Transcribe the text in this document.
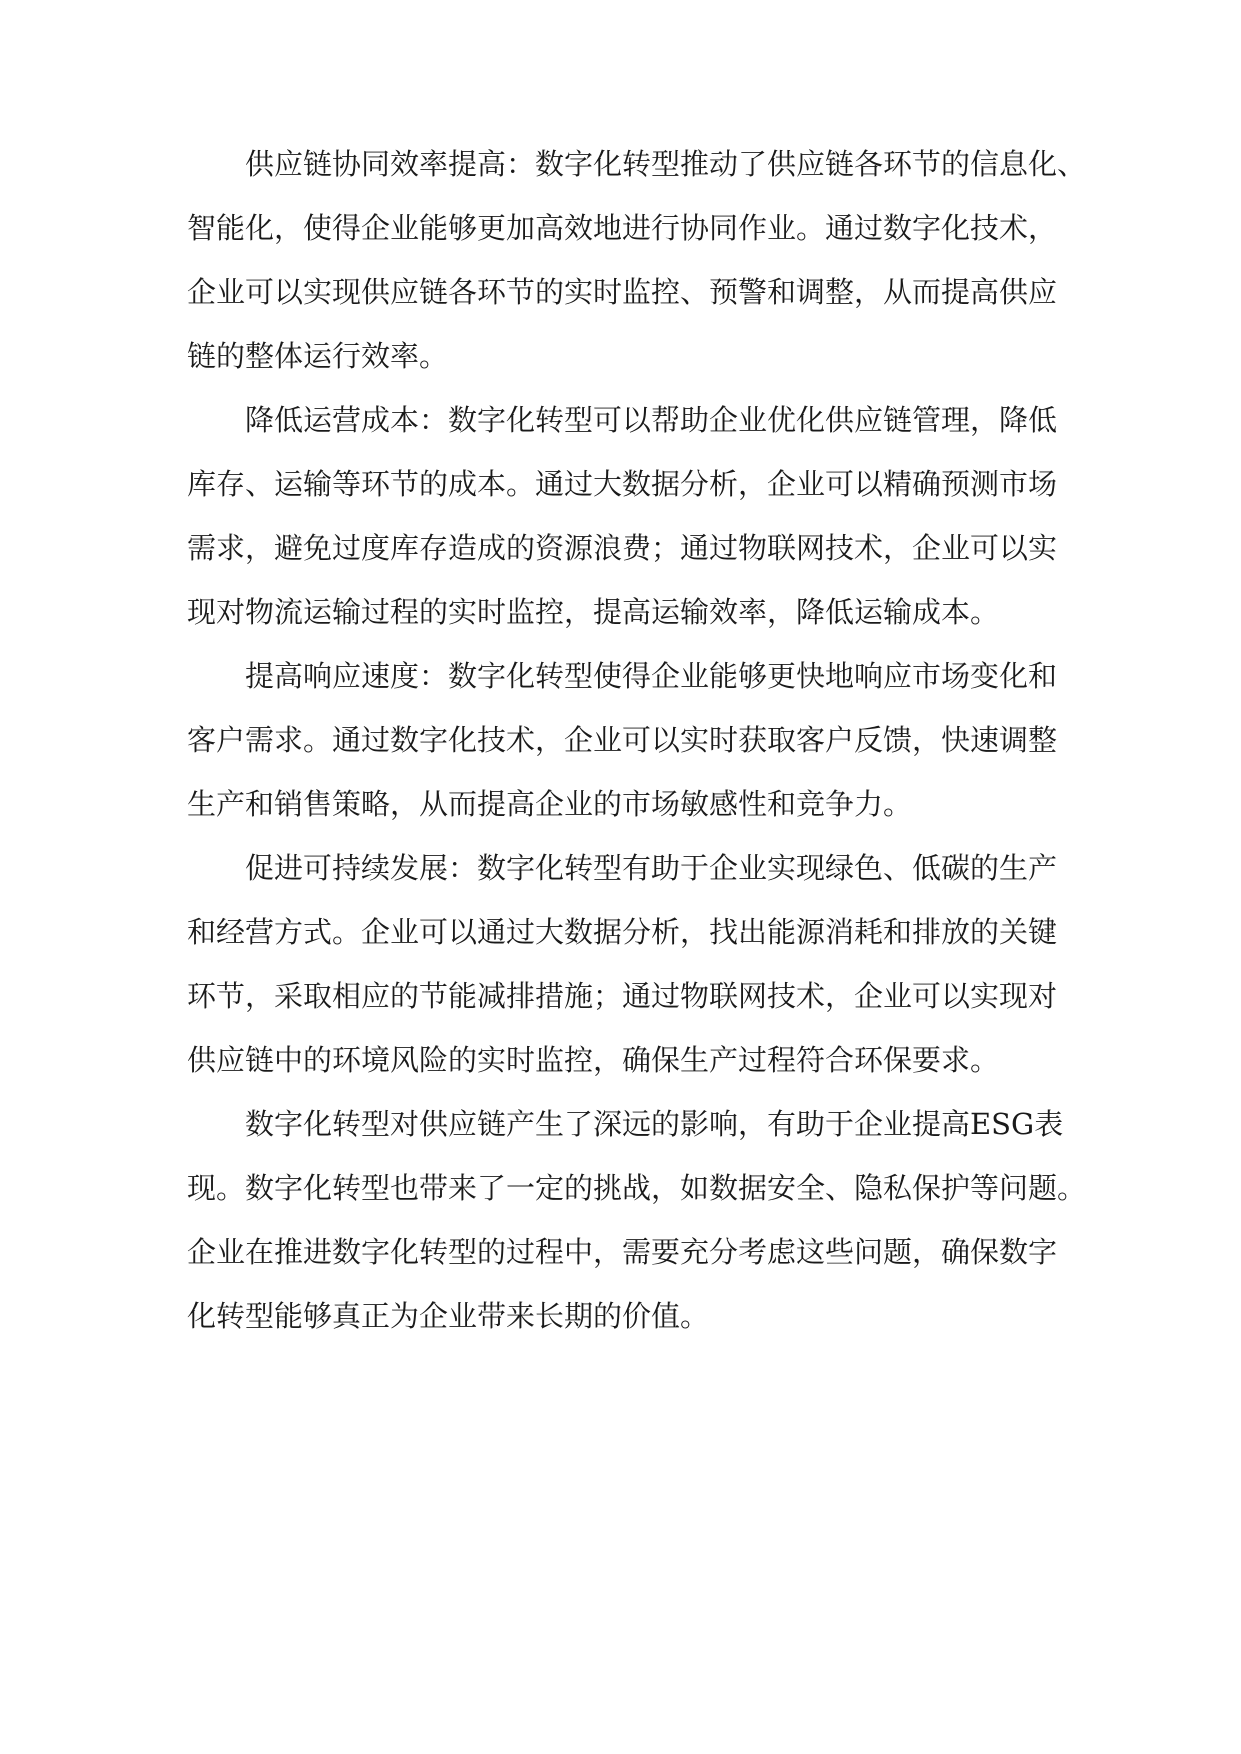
供应链协同效率提高：数字化转型推动了供应链各环节的信息化、
智能化，使得企业能够更加高效地进行协同作业。通过数字化技术，
企业可以实现供应链各环节的实时监控、预警和调整，从而提高供应
链的整体运行效率。
降低运营成本：数字化转型可以帮助企业优化供应链管理，降低
库存、运输等环节的成本。通过大数据分析，企业可以精确预测市场
需求，避免过度库存造成的资源浪费；通过物联网技术，企业可以实
现对物流运输过程的实时监控，提高运输效率，降低运输成本。
提高响应速度：数字化转型使得企业能够更快地响应市场变化和
客户需求。通过数字化技术，企业可以实时获取客户反馈，快速调整
生产和销售策略，从而提高企业的市场敏感性和竞争力。
促进可持续发展：数字化转型有助于企业实现绿色、低碳的生产
和经营方式。企业可以通过大数据分析，找出能源消耗和排放的关键
环节，采取相应的节能减排措施；通过物联网技术，企业可以实现对
供应链中的环境风险的实时监控，确保生产过程符合环保要求。
数字化转型对供应链产生了深远的影响，有助于企业提高ESG表
现。数字化转型也带来了一定的挑战，如数据安全、隐私保护等问题。
企业在推进数字化转型的过程中，需要充分考虑这些问题，确保数字
化转型能够真正为企业带来长期的价值。
